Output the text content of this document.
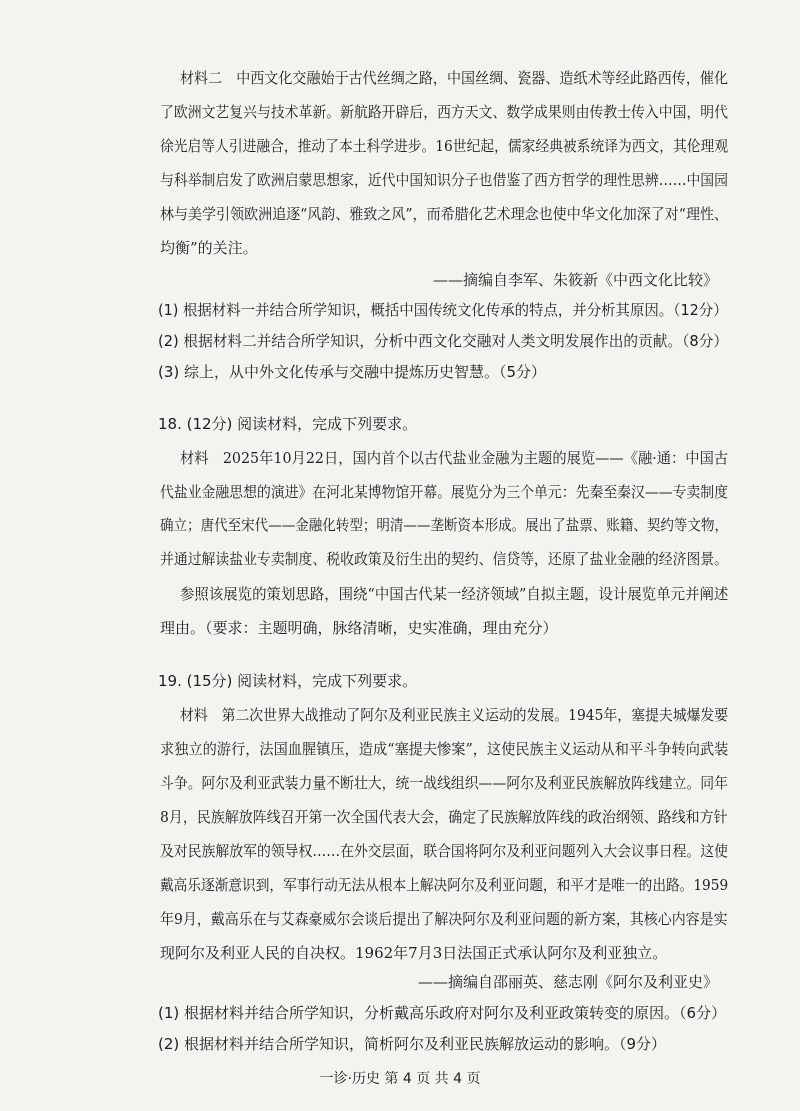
材料二　中西文化交融始于古代丝绸之路，中国丝绸、瓷器、造纸术等经此路西传，催化
了欧洲文艺复兴与技术革新。新航路开辟后，西方天文、数学成果则由传教士传入中国，明代
徐光启等人引进融合，推动了本土科学进步。16世纪起，儒家经典被系统译为西文，其伦理观
与科举制启发了欧洲启蒙思想家，近代中国知识分子也借鉴了西方哲学的理性思辨……中国园
林与美学引领欧洲追逐“风韵、雅致之风”，而希腊化艺术理念也使中华文化加深了对“理性、
均衡”的关注。
——摘编自李军、朱筱新《中西文化比较》
(1) 根据材料一并结合所学知识，概括中国传统文化传承的特点，并分析其原因。（12分）
(2) 根据材料二并结合所学知识，分析中西文化交融对人类文明发展作出的贡献。（8分）
(3) 综上，从中外文化传承与交融中提炼历史智慧。（5分）
18. (12分) 阅读材料，完成下列要求。
材料　2025年10月22日，国内首个以古代盐业金融为主题的展览——《融·通：中国古
代盐业金融思想的演进》在河北某博物馆开幕。展览分为三个单元：先秦至秦汉——专卖制度
确立；唐代至宋代——金融化转型；明清——垄断资本形成。展出了盐票、账籍、契约等文物，
并通过解读盐业专卖制度、税收政策及衍生出的契约、信贷等，还原了盐业金融的经济图景。
参照该展览的策划思路，围绕“中国古代某一经济领域”自拟主题，设计展览单元并阐述
理由。（要求：主题明确，脉络清晰，史实准确，理由充分）
19. (15分) 阅读材料，完成下列要求。
材料　第二次世界大战推动了阿尔及利亚民族主义运动的发展。1945年，塞提夫城爆发要
求独立的游行，法国血腥镇压，造成“塞提夫惨案”，这使民族主义运动从和平斗争转向武装
斗争。阿尔及利亚武装力量不断壮大，统一战线组织——阿尔及利亚民族解放阵线建立。同年
8月，民族解放阵线召开第一次全国代表大会，确定了民族解放阵线的政治纲领、路线和方针
及对民族解放军的领导权……在外交层面，联合国将阿尔及利亚问题列入大会议事日程。这使
戴高乐逐渐意识到，军事行动无法从根本上解决阿尔及利亚问题，和平才是唯一的出路。1959
年9月，戴高乐在与艾森豪威尔会谈后提出了解决阿尔及利亚问题的新方案，其核心内容是实
现阿尔及利亚人民的自决权。1962年7月3日法国正式承认阿尔及利亚独立。
——摘编自邵丽英、慈志刚《阿尔及利亚史》
(1) 根据材料并结合所学知识，分析戴高乐政府对阿尔及利亚政策转变的原因。（6分）
(2) 根据材料并结合所学知识，简析阿尔及利亚民族解放运动的影响。（9分）
一诊·历史 第 4 页 共 4 页
